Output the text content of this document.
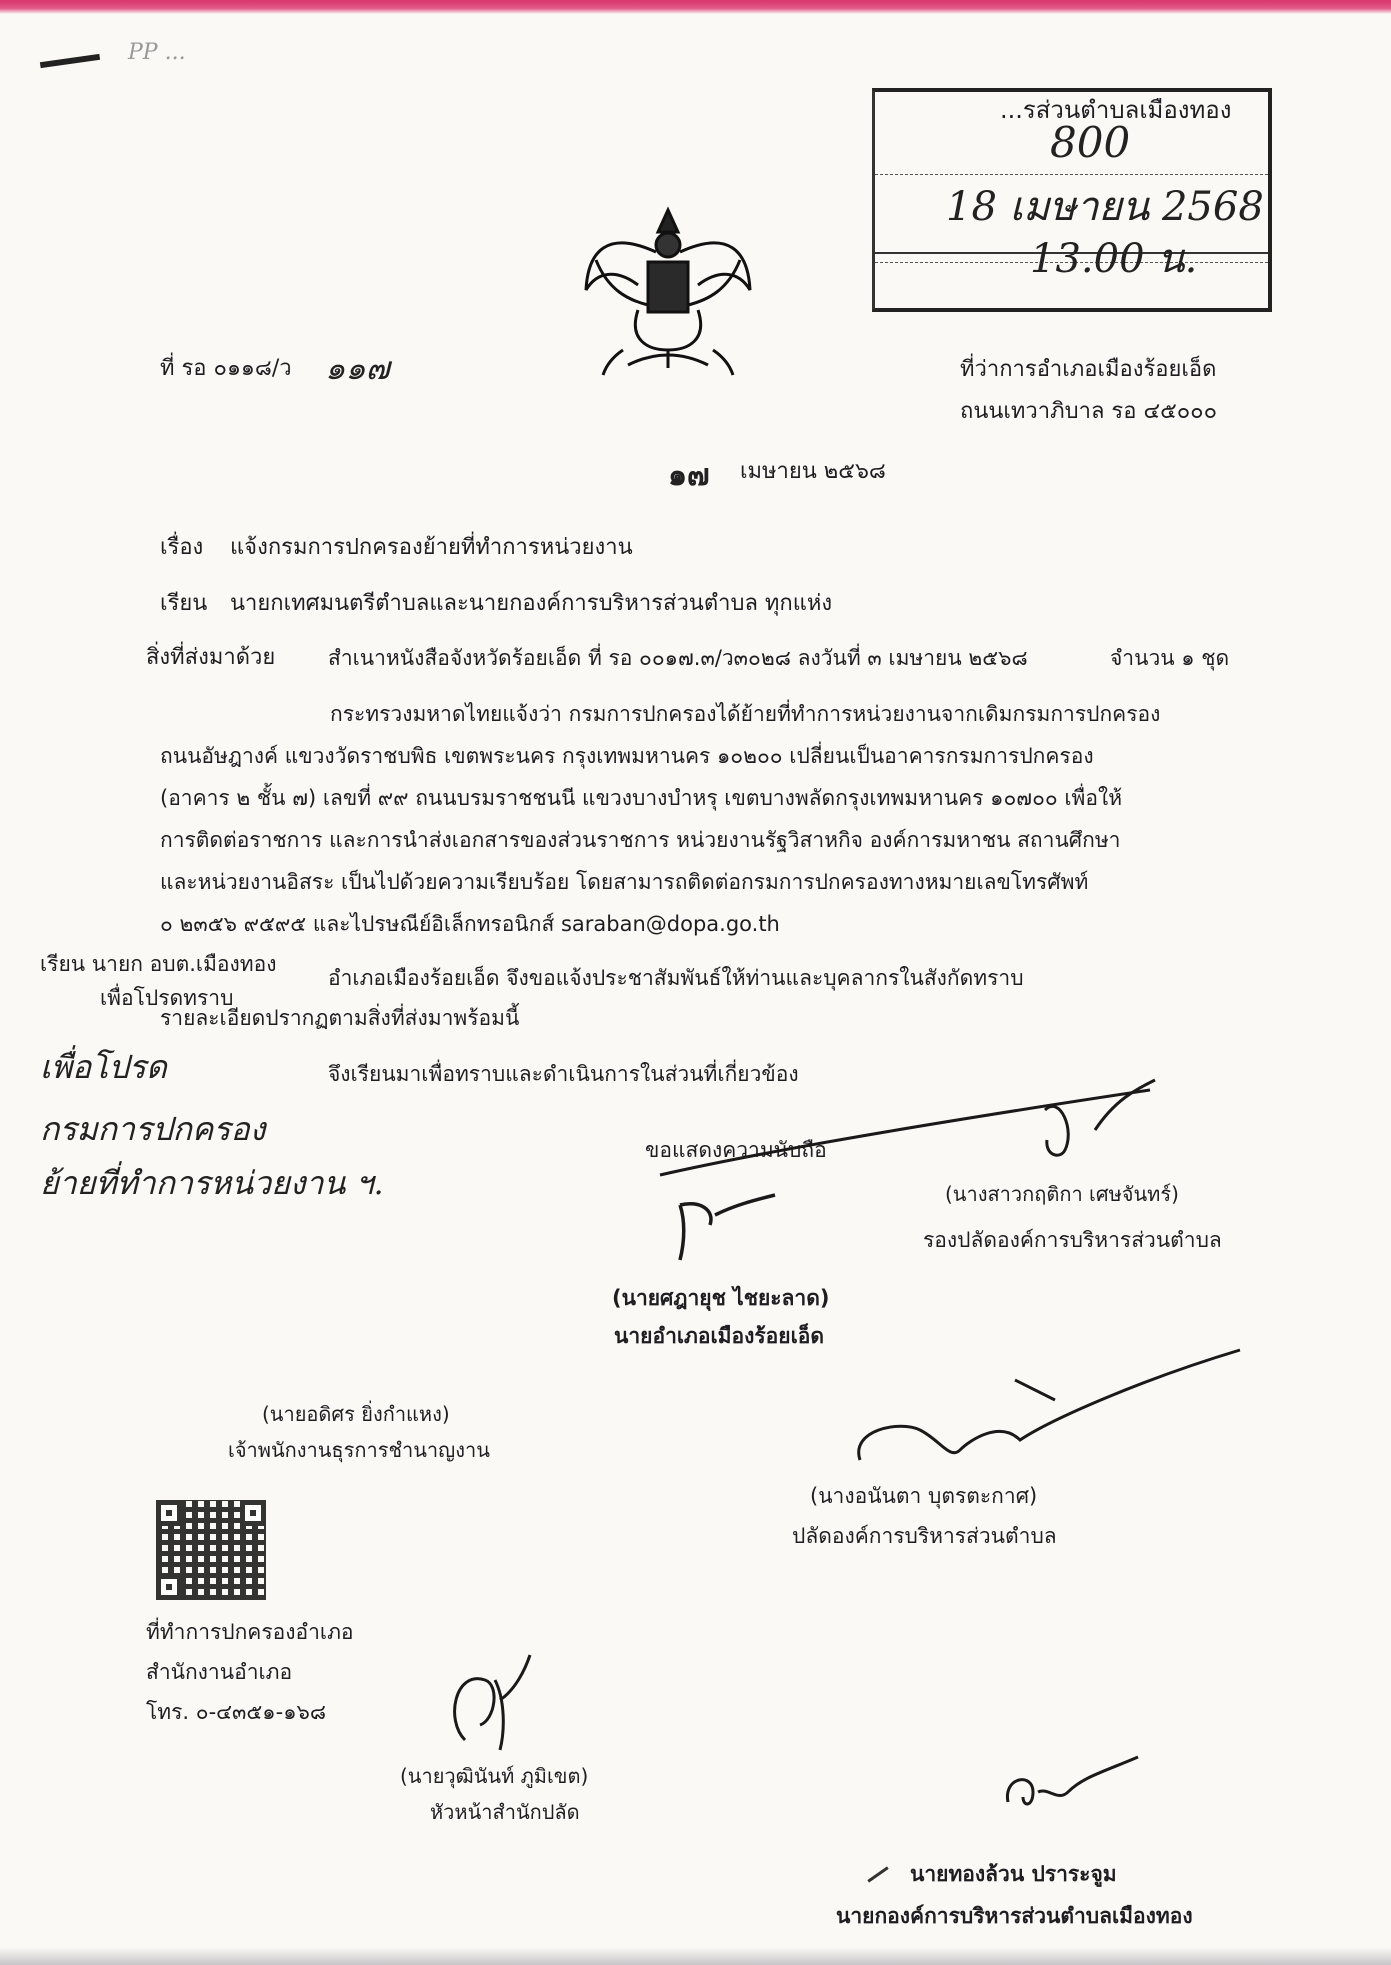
PP ...
...รส่วนตำบลเมืองทอง
800
18 เมษายน 2568
13.00 น.
ที่ รอ ๐๑๑๘/ว ๑๑๗	ที่ว่าการอำเภอเมืองร้อยเอ็ด
ถนนเทวาภิบาล รอ ๔๕๐๐๐
๑๗ เมษายน ๒๕๖๘
เรื่อง แจ้งกรมการปกครองย้ายที่ทำการหน่วยงาน
เรียน นายกเทศมนตรีตำบลและนายกองค์การบริหารส่วนตำบล ทุกแห่ง
สิ่งที่ส่งมาด้วย	สำเนาหนังสือจังหวัดร้อยเอ็ด ที่ รอ ๐๐๑๗.๓/ว๓๐๒๘ ลงวันที่ ๓ เมษายน ๒๕๖๘	จำนวน ๑ ชุด
กระทรวงมหาดไทยแจ้งว่า กรมการปกครองได้ย้ายที่ทำการหน่วยงานจากเดิมกรมการปกครอง
ถนนอัษฎางค์ แขวงวัดราชบพิธ เขตพระนคร กรุงเทพมหานคร ๑๐๒๐๐ เปลี่ยนเป็นอาคารกรมการปกครอง
(อาคาร ๒ ชั้น ๗) เลขที่ ๙๙ ถนนบรมราชชนนี แขวงบางบำหรุ เขตบางพลัดกรุงเทพมหานคร ๑๐๗๐๐ เพื่อให้
การติดต่อราชการ และการนำส่งเอกสารของส่วนราชการ หน่วยงานรัฐวิสาหกิจ องค์การมหาชน สถานศึกษา
และหน่วยงานอิสระ เป็นไปด้วยความเรียบร้อย โดยสามารถติดต่อกรมการปกครองทางหมายเลขโทรศัพท์
๐ ๒๓๕๖ ๙๕๙๕ และไปรษณีย์อิเล็กทรอนิกส์ saraban@dopa.go.th
เรียน นายก อบต.เมืองทอง
เพื่อโปรดทราบ
อำเภอเมืองร้อยเอ็ด จึงขอแจ้งประชาสัมพันธ์ให้ท่านและบุคลากรในสังกัดทราบ
รายละเอียดปรากฏตามสิ่งที่ส่งมาพร้อมนี้
จึงเรียนมาเพื่อทราบและดำเนินการในส่วนที่เกี่ยวข้อง
เพื่อโปรด
กรมการปกครอง
ย้ายที่ทำการหน่วยงาน ฯ.
ขอแสดงความนับถือ
(นางสาวกฤติกา เศษจันทร์)
รองปลัดองค์การบริหารส่วนตำบล
(นายศฎายุช ไชยะลาด)
นายอำเภอเมืองร้อยเอ็ด
(นายอดิศร ยิ่งกำแหง)
เจ้าพนักงานธุรการชำนาญงาน
(นางอนันตา บุตรตะกาศ)
ปลัดองค์การบริหารส่วนตำบล
(นายวุฒินันท์ ภูมิเขต)
หัวหน้าสำนักปลัด
นายทองล้วน ปราระจูม
นายกองค์การบริหารส่วนตำบลเมืองทอง
ที่ทำการปกครองอำเภอ
สำนักงานอำเภอ
โทร. ๐-๔๓๕๑-๑๖๘
